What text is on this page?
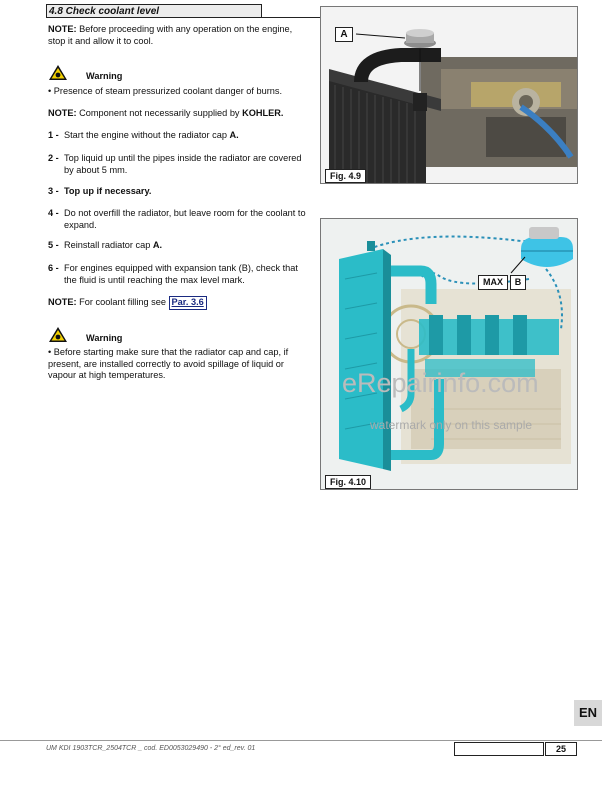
4.8 Check coolant level
NOTE: Before proceeding with any operation on the engine, stop it and allow it to cool.
Warning
• Presence of steam pressurized coolant danger of burns.
NOTE: Component not necessarily supplied by KOHLER.
1 - Start the engine without the radiator cap A.
2 - Top liquid up until the pipes inside the radiator are covered by about 5 mm.
3 - Top up if necessary.
4 - Do not overfill the radiator, but leave room for the coolant to expand.
5 - Reinstall radiator cap A.
6 - For engines equipped with expansion tank (B), check that the fluid is until reaching the max level mark.
NOTE: For coolant filling see Par. 3.6
Warning
• Before starting make sure that the radiator cap and cap, if present, are installed correctly to avoid spillage of liquid or vapour at high temperatures.
A
Fig. 4.9
MAX	B
Fig. 4.10
eRepairinfo.com
watermark only on this sample
EN
UM KDI 1903TCR_2504TCR _ cod. ED0053029490 - 2° ed_rev. 01	25
